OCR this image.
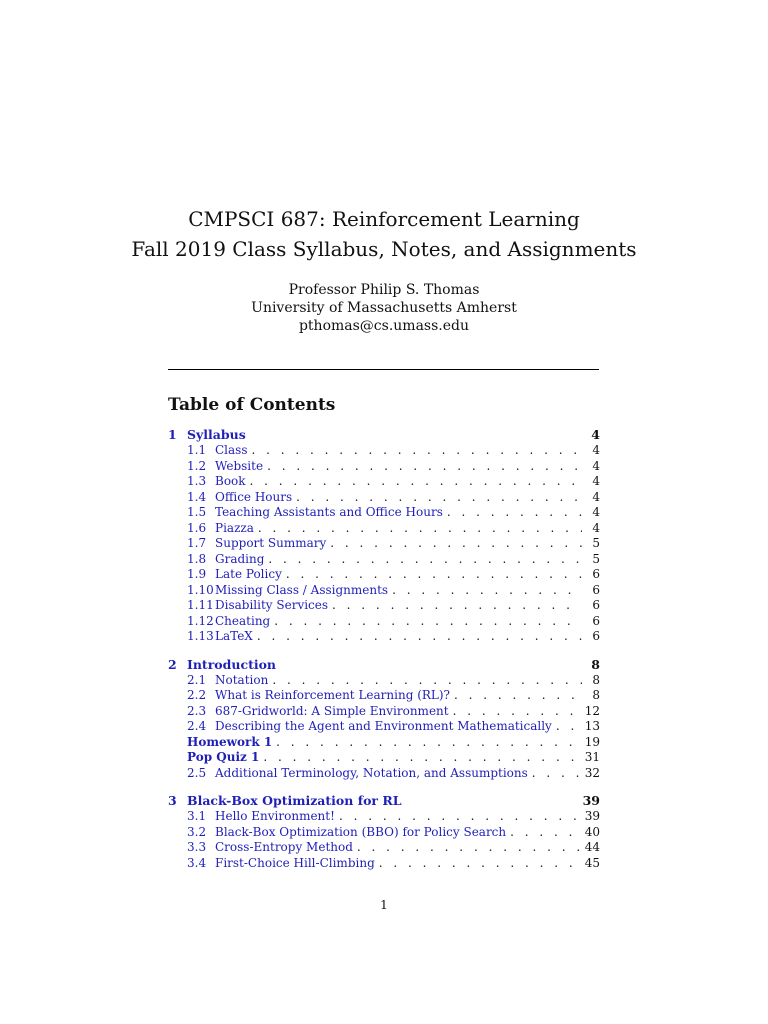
CMPSCI 687: Reinforcement Learning
Fall 2019 Class Syllabus, Notes, and Assignments
Professor Philip S. Thomas
University of Massachusetts Amherst
pthomas@cs.umass.edu
Table of Contents
1 Syllabus	4
1.1 Class . . .	4
1.2 Website . . .	4
1.3 Book . . .	4
1.4 Office Hours . . .	4
1.5 Teaching Assistants and Office Hours . . .	4
1.6 Piazza . . .	4
1.7 Support Summary . . .	5
1.8 Grading . . .	5
1.9 Late Policy . . .	6
1.10 Missing Class / Assignments . . .	6
1.11 Disability Services . . .	6
1.12 Cheating . . .	6
1.13 LaTeX . . .	6
2 Introduction	8
2.1 Notation . . .	8
2.2 What is Reinforcement Learning (RL)? . . .	8
2.3 687-Gridworld: A Simple Environment . . .	12
2.4 Describing the Agent and Environment Mathematically . . .	13
Homework 1 . . .	19
Pop Quiz 1 . . .	31
2.5 Additional Terminology, Notation, and Assumptions . . .	32
3 Black-Box Optimization for RL	39
3.1 Hello Environment! . . .	39
3.2 Black-Box Optimization (BBO) for Policy Search . . .	40
3.3 Cross-Entropy Method . . .	44
3.4 First-Choice Hill-Climbing . . .	45
1
